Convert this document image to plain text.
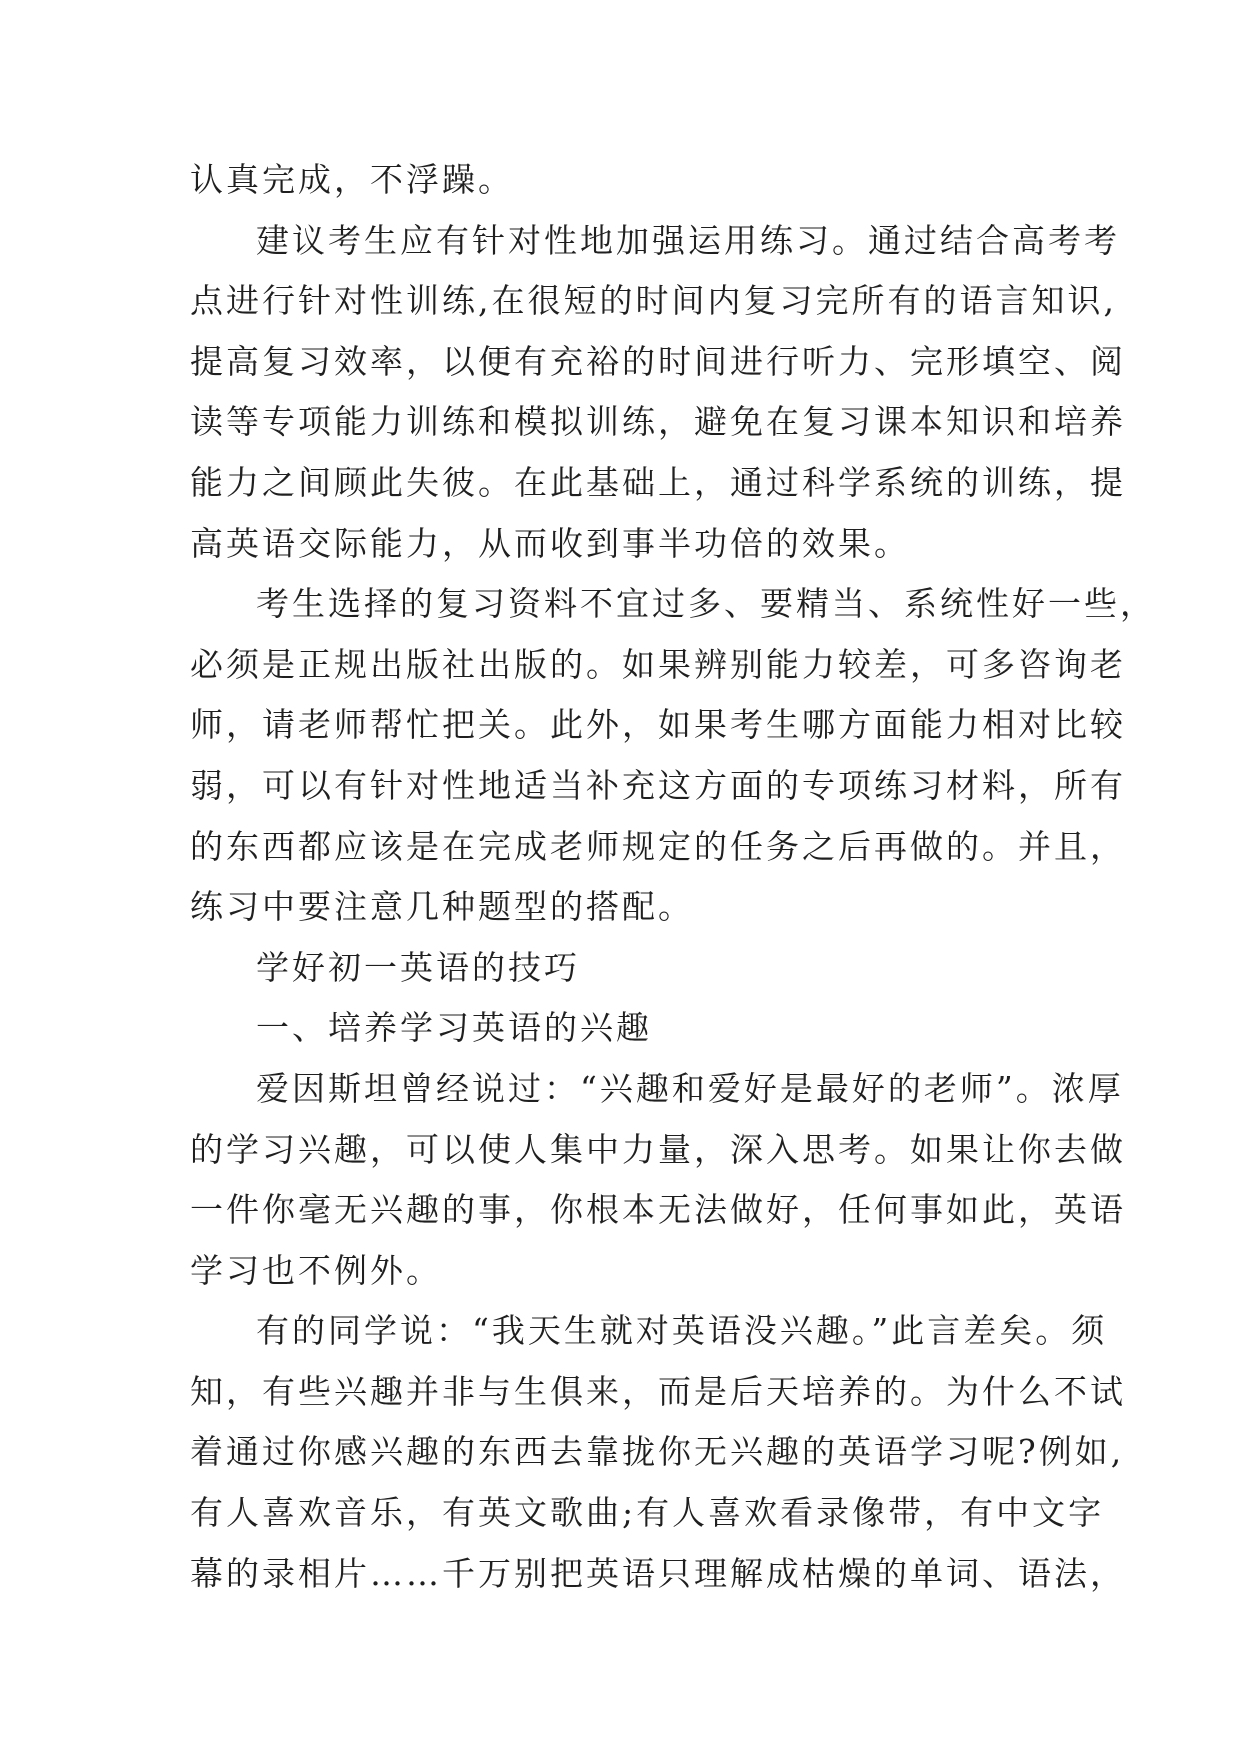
认真完成，不浮躁。
建议考生应有针对性地加强运用练习。通过结合高考考
点进行针对性训练,在很短的时间内复习完所有的语言知识,
提高复习效率，以便有充裕的时间进行听力、完形填空、阅
读等专项能力训练和模拟训练，避免在复习课本知识和培养
能力之间顾此失彼。在此基础上，通过科学系统的训练，提
高英语交际能力，从而收到事半功倍的效果。
考生选择的复习资料不宜过多、要精当、系统性好一些，
必须是正规出版社出版的。如果辨别能力较差，可多咨询老
师，请老师帮忙把关。此外，如果考生哪方面能力相对比较
弱，可以有针对性地适当补充这方面的专项练习材料，所有
的东西都应该是在完成老师规定的任务之后再做的。并且，
练习中要注意几种题型的搭配。
学好初一英语的技巧
一、培养学习英语的兴趣
爱因斯坦曾经说过：“兴趣和爱好是最好的老师”。浓厚
的学习兴趣，可以使人集中力量，深入思考。如果让你去做
一件你毫无兴趣的事，你根本无法做好，任何事如此，英语
学习也不例外。
有的同学说：“我天生就对英语没兴趣。”此言差矣。须
知，有些兴趣并非与生俱来，而是后天培养的。为什么不试
着通过你感兴趣的东西去靠拢你无兴趣的英语学习呢?例如,
有人喜欢音乐，有英文歌曲;有人喜欢看录像带，有中文字
幕的录相片……千万别把英语只理解成枯燥的单词、语法，
